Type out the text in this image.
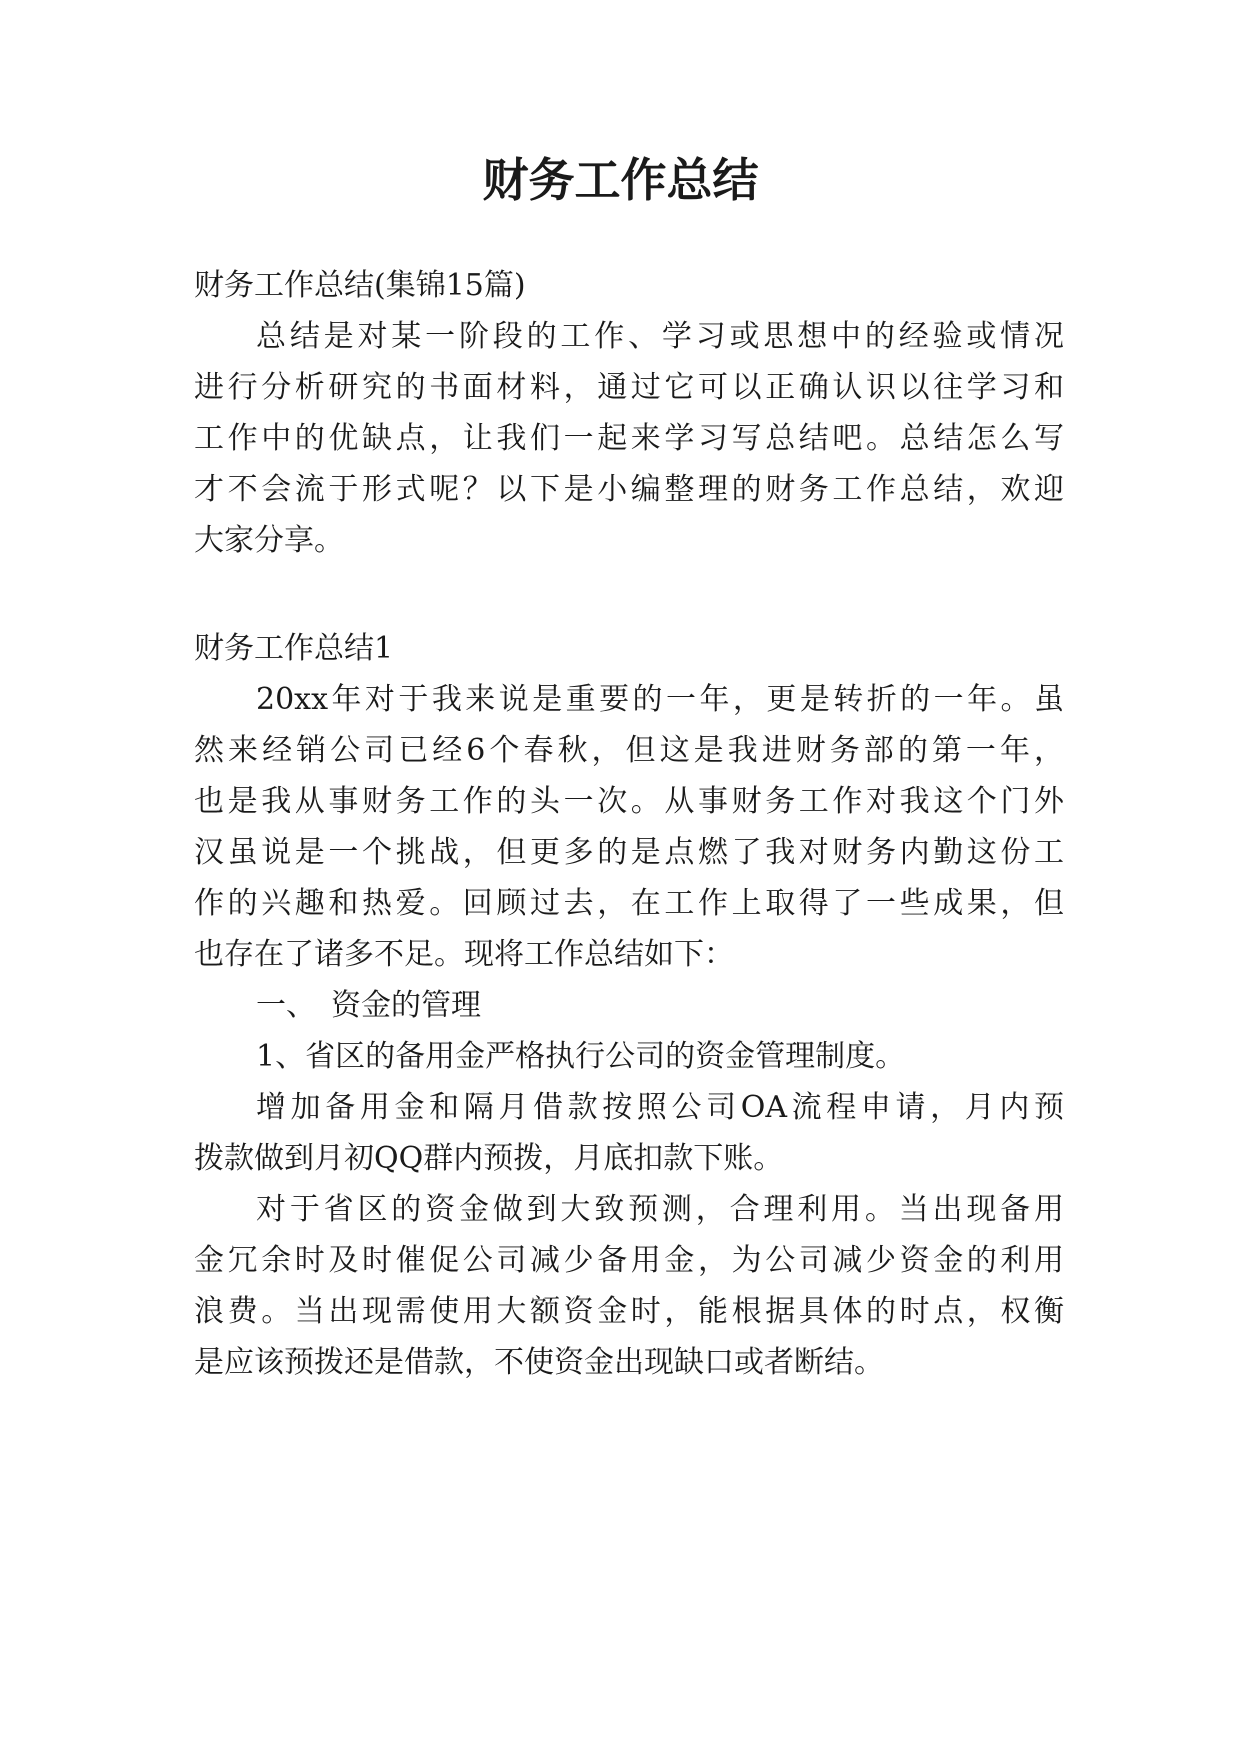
财务工作总结
财务工作总结(集锦15篇)
总结是对某一阶段的工作、学习或思想中的经验或情况
进行分析研究的书面材料，通过它可以正确认识以往学习和
工作中的优缺点，让我们一起来学习写总结吧。总结怎么写
才不会流于形式呢？以下是小编整理的财务工作总结，欢迎
大家分享。
财务工作总结1
20xx年对于我来说是重要的一年，更是转折的一年。虽
然来经销公司已经6个春秋，但这是我进财务部的第一年，
也是我从事财务工作的头一次。从事财务工作对我这个门外
汉虽说是一个挑战，但更多的是点燃了我对财务内勤这份工
作的兴趣和热爱。回顾过去，在工作上取得了一些成果，但
也存在了诸多不足。现将工作总结如下：
一、　资金的管理
1、省区的备用金严格执行公司的资金管理制度。
增加备用金和隔月借款按照公司OA流程申请，月内预
拨款做到月初QQ群内预拨，月底扣款下账。
对于省区的资金做到大致预测，合理利用。当出现备用
金冗余时及时催促公司减少备用金，为公司减少资金的利用
浪费。当出现需使用大额资金时，能根据具体的时点，权衡
是应该预拨还是借款，不使资金出现缺口或者断结。
